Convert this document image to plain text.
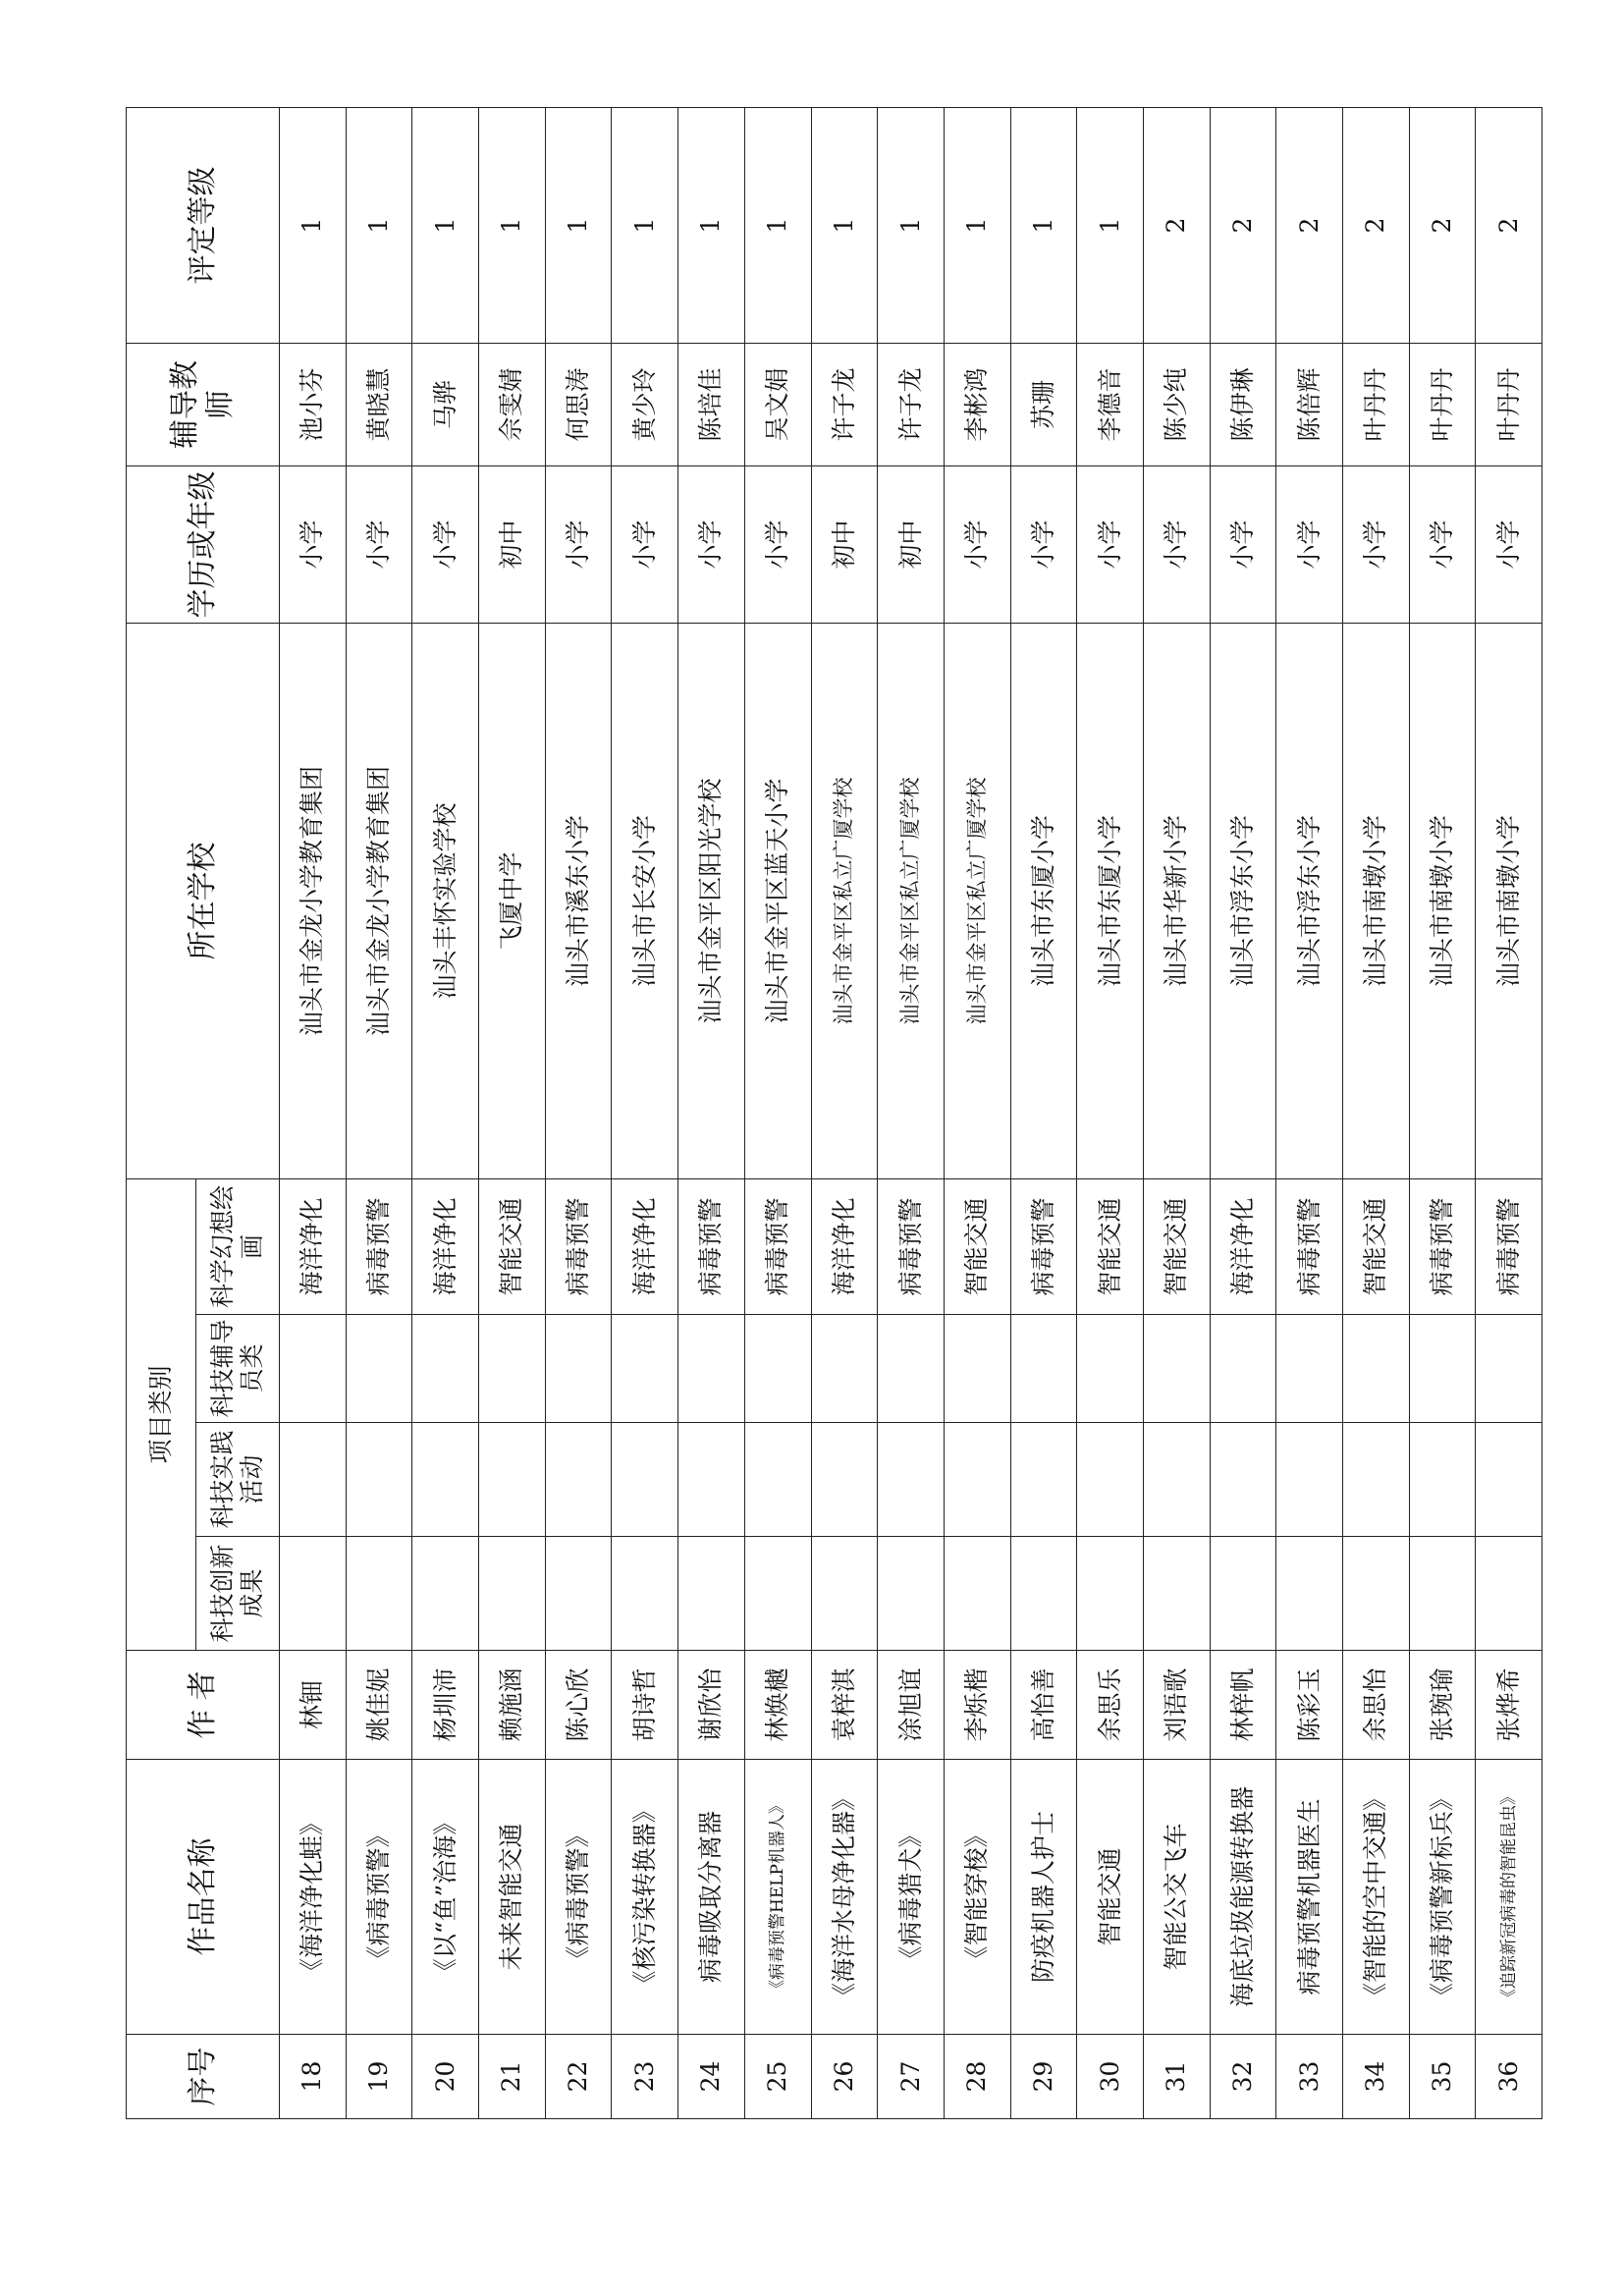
序号	作品名称	作 者	项目类别				所在学校	学历或年级	辅导教师	评定等级
			科技创新成果	科技实践活动	科技辅导员类	科学幻想绘画				
18	《海洋净化蛙》	林钿				海洋净化	汕头市金龙小学教育集团	小学	池小芬	1
19	《病毒预警》	姚佳妮				病毒预警	汕头市金龙小学教育集团	小学	黄晓慧	1
20	《以“鱼”治海》	杨圳沛				海洋净化	汕头丰怀实验学校	小学	马骅	1
21	未来智能交通	赖施涵				智能交通	飞厦中学	初中	佘雯婧	1
22	《病毒预警》	陈心欣				病毒预警	汕头市溪东小学	小学	何思涛	1
23	《核污染转换器》	胡诗哲				海洋净化	汕头市长安小学	小学	黄少玲	1
24	病毒吸取分离器	谢欣怡				病毒预警	汕头市金平区阳光学校	小学	陈培佳	1
25	《病毒预警HELP机器人》	林焕樾				病毒预警	汕头市金平区蓝天小学	小学	吴文娟	1
26	《海洋水母净化器》	袁梓淇				海洋净化	汕头市金平区私立广厦学校	初中	许子龙	1
27	《病毒猎犬》	涂旭谊				病毒预警	汕头市金平区私立广厦学校	初中	许子龙	1
28	《智能穿梭》	李烁楷				智能交通	汕头市金平区私立广厦学校	小学	李彬鸿	1
29	防疫机器人护士	高怡善				病毒预警	汕头市东厦小学	小学	苏珊	1
30	智能交通	余思乐				智能交通	汕头市东厦小学	小学	李德音	1
31	智能公交飞车	刘语歌				智能交通	汕头市华新小学	小学	陈少纯	2
32	海底垃圾能源转换器	林梓帆				海洋净化	汕头市浮东小学	小学	陈伊琳	2
33	病毒预警机器医生	陈彩玉				病毒预警	汕头市浮东小学	小学	陈倍辉	2
34	《智能的空中交通》	余思怡				智能交通	汕头市南墩小学	小学	叶丹丹	2
35	《病毒预警新标兵》	张琬瑜				病毒预警	汕头市南墩小学	小学	叶丹丹	2
36	《追踪新冠病毒的智能昆虫》	张烨希				病毒预警	汕头市南墩小学	小学	叶丹丹	2
